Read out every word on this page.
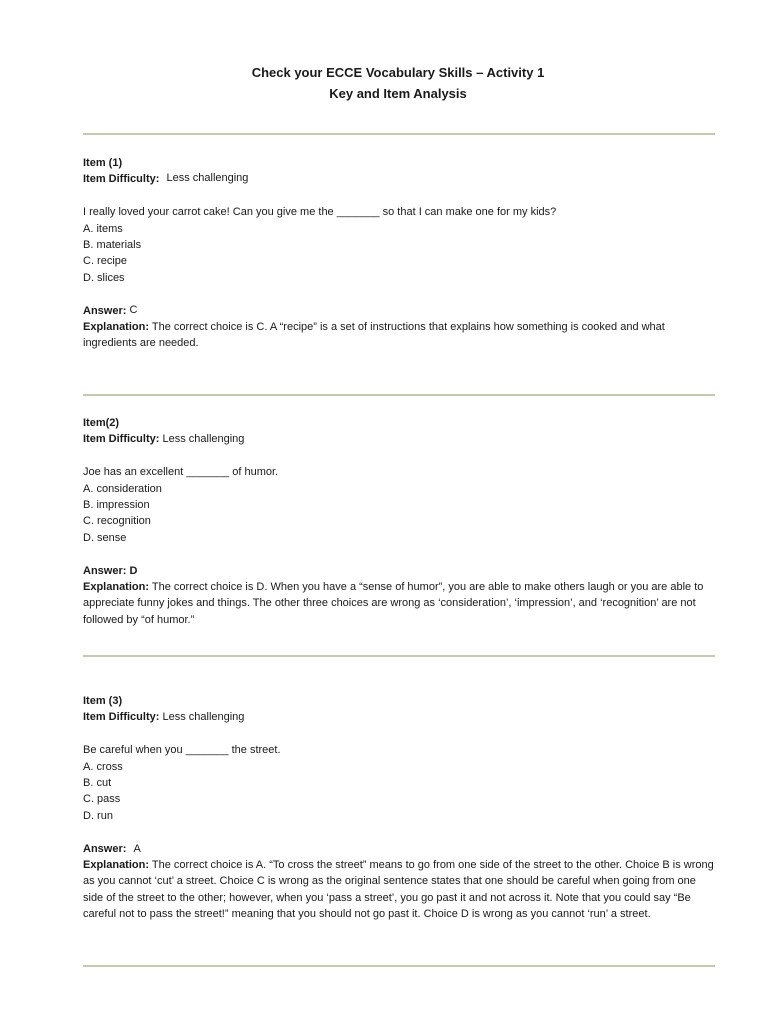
Check your ECCE Vocabulary Skills – Activity 1
Key and Item Analysis
Item (1)
Item Difficulty: Less challenging
I really loved your carrot cake! Can you give me the _______ so that I can make one for my kids?
A. items
B. materials
C. recipe
D. slices
Answer: C
Explanation: The correct choice is C. A “recipe” is a set of instructions that explains how something is cooked and what ingredients are needed.
Item(2)
Item Difficulty: Less challenging
Joe has an excellent _______ of humor.
A. consideration
B. impression
C. recognition
D. sense
Answer: D
Explanation: The correct choice is D. When you have a “sense of humor”, you are able to make others laugh or you are able to appreciate funny jokes and things. The other three choices are wrong as ‘consideration’, ‘impression’, and ‘recognition’ are not followed by “of humor.”
Item (3)
Item Difficulty: Less challenging
Be careful when you _______ the street.
A. cross
B. cut
C. pass
D. run
Answer: A
Explanation: The correct choice is A. “To cross the street” means to go from one side of the street to the other. Choice B is wrong as you cannot ‘cut’ a street. Choice C is wrong as the original sentence states that one should be careful when going from one side of the street to the other; however, when you ‘pass a street’, you go past it and not across it. Note that you could say “Be careful not to pass the street!” meaning that you should not go past it. Choice D is wrong as you cannot ‘run’ a street.
